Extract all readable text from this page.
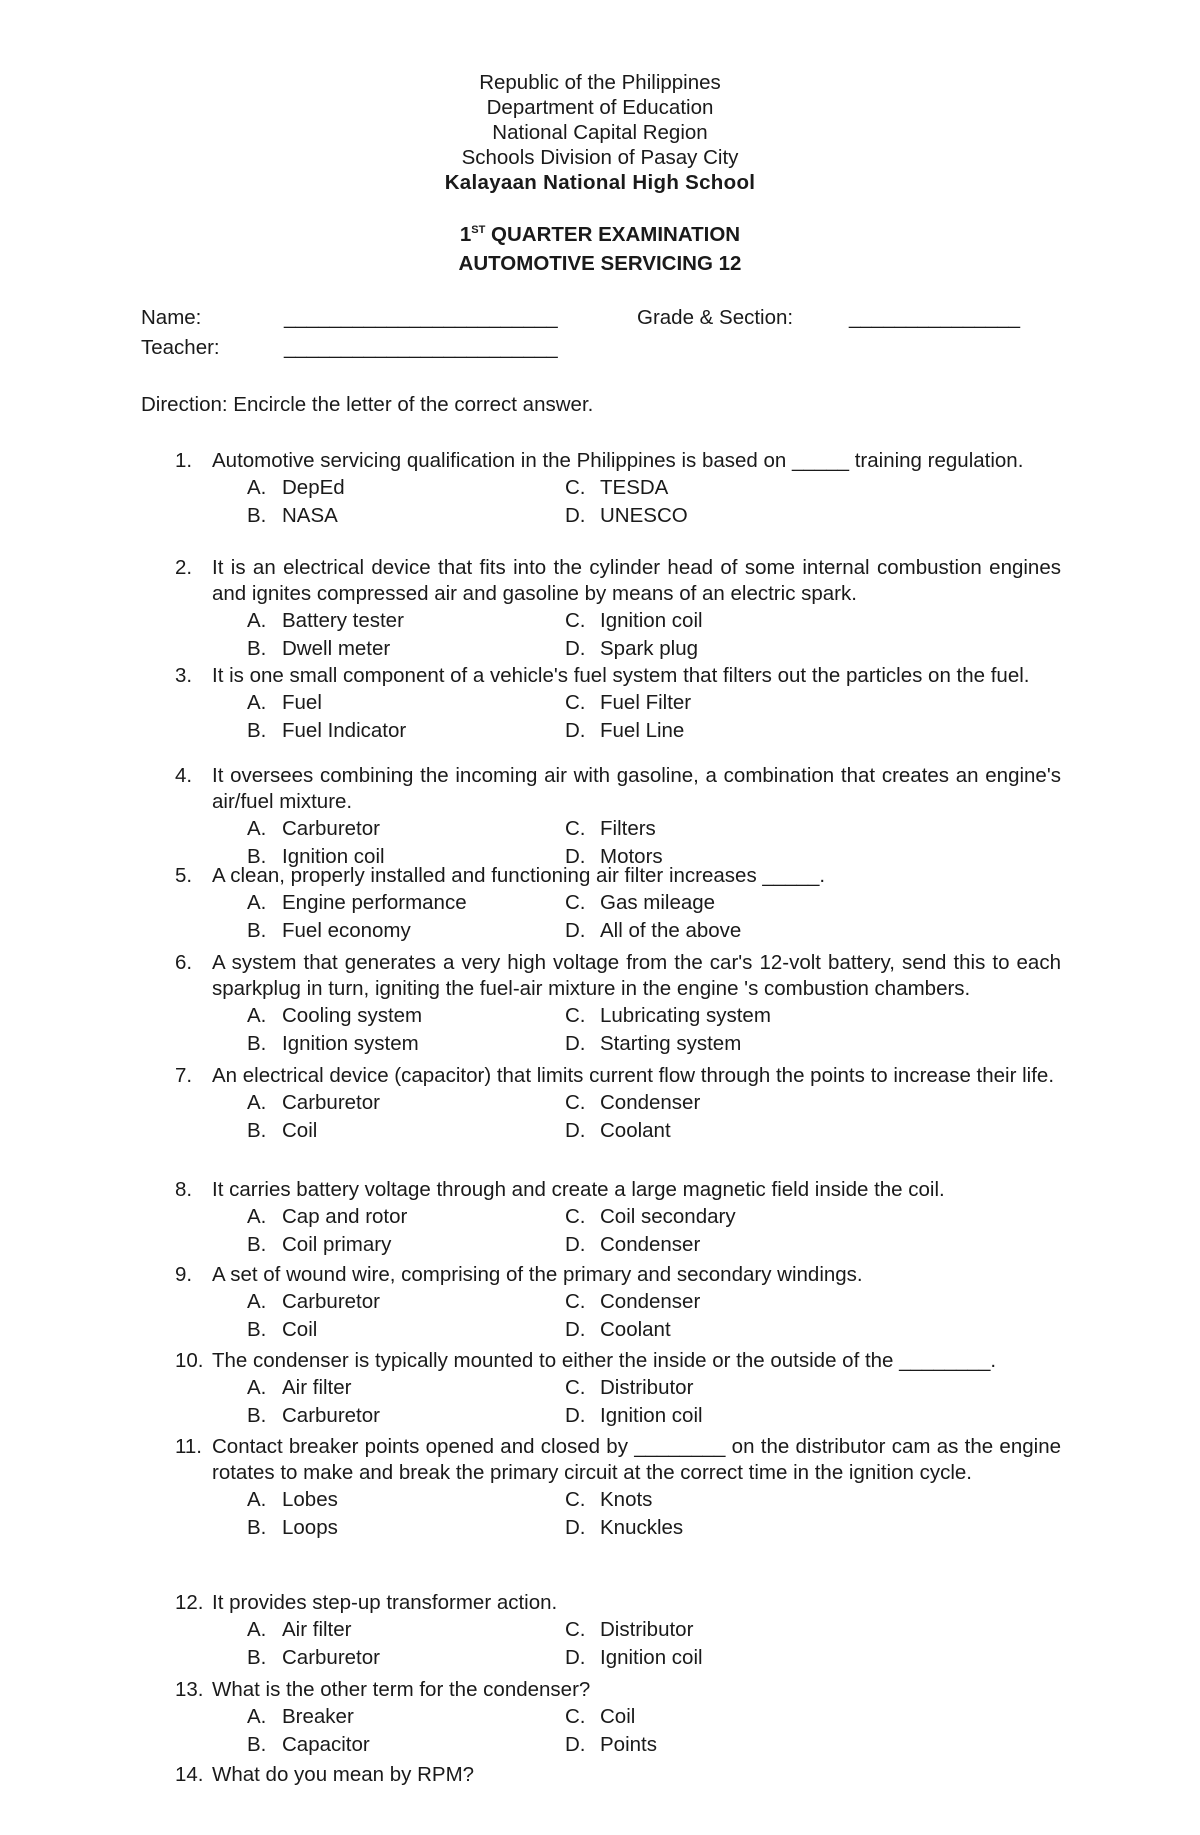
Republic of the Philippines
Department of Education
National Capital Region
Schools Division of Pasay City
Kalayaan National High School
1ST QUARTER EXAMINATION
AUTOMOTIVE SERVICING 12
Name:	________________________	Grade & Section:	_______________
Teacher:	________________________
Direction: Encircle the letter of the correct answer.
1. Automotive servicing qualification in the Philippines is based on _____ training regulation.
A. DepEd	C. TESDA
B. NASA	D. UNESCO
2. It is an electrical device that fits into the cylinder head of some internal combustion engines and ignites compressed air and gasoline by means of an electric spark.
A. Battery tester	C. Ignition coil
B. Dwell meter	D. Spark plug
3. It is one small component of a vehicle's fuel system that filters out the particles on the fuel.
A. Fuel	C. Fuel Filter
B. Fuel Indicator	D. Fuel Line
4. It oversees combining the incoming air with gasoline, a combination that creates an engine's air/fuel mixture.
A. Carburetor	C. Filters
B. Ignition coil	D. Motors
5. A clean, properly installed and functioning air filter increases _____.
A. Engine performance	C. Gas mileage
B. Fuel economy	D. All of the above
6. A system that generates a very high voltage from the car's 12-volt battery, send this to each sparkplug in turn, igniting the fuel-air mixture in the engine 's combustion chambers.
A. Cooling system	C. Lubricating system
B. Ignition system	D. Starting system
7. An electrical device (capacitor) that limits current flow through the points to increase their life.
A. Carburetor	C. Condenser
B. Coil	D. Coolant
8. It carries battery voltage through and create a large magnetic field inside the coil.
A. Cap and rotor	C. Coil secondary
B. Coil primary	D. Condenser
9. A set of wound wire, comprising of the primary and secondary windings.
A. Carburetor	C. Condenser
B. Coil	D. Coolant
10. The condenser is typically mounted to either the inside or the outside of the ________.
A. Air filter	C. Distributor
B. Carburetor	D. Ignition coil
11. Contact breaker points opened and closed by ________ on the distributor cam as the engine rotates to make and break the primary circuit at the correct time in the ignition cycle.
A. Lobes	C. Knots
B. Loops	D. Knuckles
12. It provides step-up transformer action.
A. Air filter	C. Distributor
B. Carburetor	D. Ignition coil
13. What is the other term for the condenser?
A. Breaker	C. Coil
B. Capacitor	D. Points
14. What do you mean by RPM?
